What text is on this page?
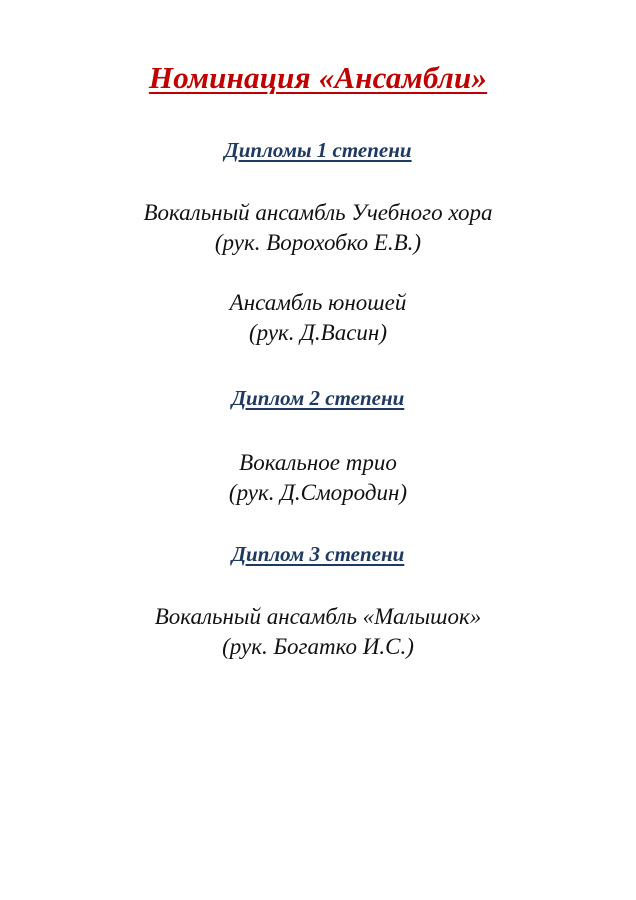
Номинация «Ансамбли»
Дипломы 1 степени
Вокальный ансамбль Учебного хора
(рук. Ворохобко Е.В.)
Ансамбль юношей
(рук. Д.Васин)
Диплом 2 степени
Вокальное трио
(рук. Д.Смородин)
Диплом 3 степени
Вокальный ансамбль «Малышок»
(рук. Богатко И.С.)
